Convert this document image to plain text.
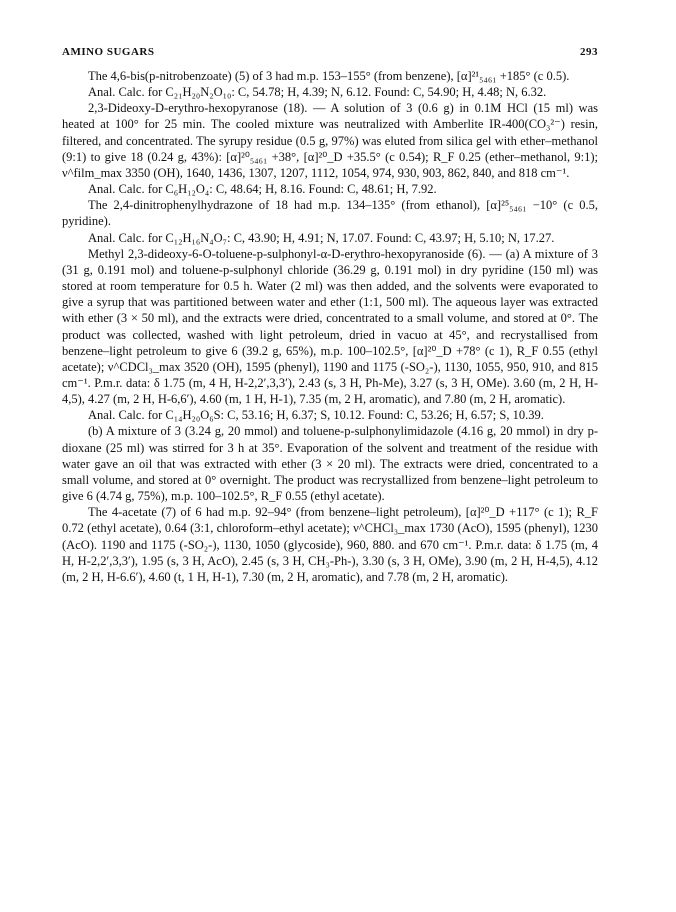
AMINO SUGARS	293

The 4,6-bis(p-nitrobenzoate) (5) of 3 had m.p. 153–155° (from benzene), [α]²¹₅₄₆₁ +185° (c 0.5).

Anal. Calc. for C₂₁H₂₀N₂O₁₀: C, 54.78; H, 4.39; N, 6.12. Found: C, 54.90; H, 4.48; N, 6.32.

2,3-Dideoxy-D-erythro-hexopyranose (18). — A solution of 3 (0.6 g) in 0.1M HCl (15 ml) was heated at 100° for 25 min. The cooled mixture was neutralized with Amberlite IR-400(CO₃²⁻) resin, filtered, and concentrated. The syrupy residue (0.5 g, 97%) was eluted from silica gel with ether–methanol (9:1) to give 18 (0.24 g, 43%): [α]²⁰₅₄₆₁ +38°, [α]²⁰_D +35.5° (c 0.54); R_F 0.25 (ether–methanol, 9:1); ν^film_max 3350 (OH), 1640, 1436, 1307, 1207, 1112, 1054, 974, 930, 903, 862, 840, and 818 cm⁻¹.

Anal. Calc. for C₆H₁₂O₄: C, 48.64; H, 8.16. Found: C, 48.61; H, 7.92.

The 2,4-dinitrophenylhydrazone of 18 had m.p. 134–135° (from ethanol), [α]²⁵₅₄₆₁ −10° (c 0.5, pyridine).

Anal. Calc. for C₁₂H₁₆N₄O₇: C, 43.90; H, 4.91; N, 17.07. Found: C, 43.97; H, 5.10; N, 17.27.

Methyl 2,3-dideoxy-6-O-toluene-p-sulphonyl-α-D-erythro-hexopyranoside (6). — (a) A mixture of 3 (31 g, 0.191 mol) and toluene-p-sulphonyl chloride (36.29 g, 0.191 mol) in dry pyridine (150 ml) was stored at room temperature for 0.5 h. Water (2 ml) was then added, and the solvents were evaporated to give a syrup that was partitioned between water and ether (1:1, 500 ml). The aqueous layer was extracted with ether (3 × 50 ml), and the extracts were dried, concentrated to a small volume, and stored at 0°. The product was collected, washed with light petroleum, dried in vacuo at 45°, and recrystallised from benzene–light petroleum to give 6 (39.2 g, 65%), m.p. 100–102.5°, [α]²⁰_D +78° (c 1), R_F 0.55 (ethyl acetate); ν^CDCl₃_max 3520 (OH), 1595 (phenyl), 1190 and 1175 (-SO₂-), 1130, 1055, 950, 910, and 815 cm⁻¹. P.m.r. data: δ 1.75 (m, 4 H, H-2,2′,3,3′), 2.43 (s, 3 H, Ph-Me), 3.27 (s, 3 H, OMe). 3.60 (m, 2 H, H-4,5), 4.27 (m, 2 H, H-6,6′), 4.60 (m, 1 H, H-1), 7.35 (m, 2 H, aromatic), and 7.80 (m, 2 H, aromatic).

Anal. Calc. for C₁₄H₂₀O₆S: C, 53.16; H, 6.37; S, 10.12. Found: C, 53.26; H, 6.57; S, 10.39.

(b) A mixture of 3 (3.24 g, 20 mmol) and toluene-p-sulphonylimidazole (4.16 g, 20 mmol) in dry p-dioxane (25 ml) was stirred for 3 h at 35°. Evaporation of the solvent and treatment of the residue with water gave an oil that was extracted with ether (3 × 20 ml). The extracts were dried, concentrated to a small volume, and stored at 0° overnight. The product was recrystallized from benzene–light petroleum to give 6 (4.74 g, 75%), m.p. 100–102.5°, R_F 0.55 (ethyl acetate).

The 4-acetate (7) of 6 had m.p. 92–94° (from benzene–light petroleum), [α]²⁰_D +117° (c 1); R_F 0.72 (ethyl acetate), 0.64 (3:1, chloroform–ethyl acetate); ν^CHCl₃_max 1730 (AcO), 1595 (phenyl), 1230 (AcO). 1190 and 1175 (-SO₂-), 1130, 1050 (glycoside), 960, 880. and 670 cm⁻¹. P.m.r. data: δ 1.75 (m, 4 H, H-2,2′,3,3′), 1.95 (s, 3 H, AcO), 2.45 (s, 3 H, CH₃-Ph-), 3.30 (s, 3 H, OMe), 3.90 (m, 2 H, H-4,5), 4.12 (m, 2 H, H-6.6′), 4.60 (t, 1 H, H-1), 7.30 (m, 2 H, aromatic), and 7.78 (m, 2 H, aromatic).
